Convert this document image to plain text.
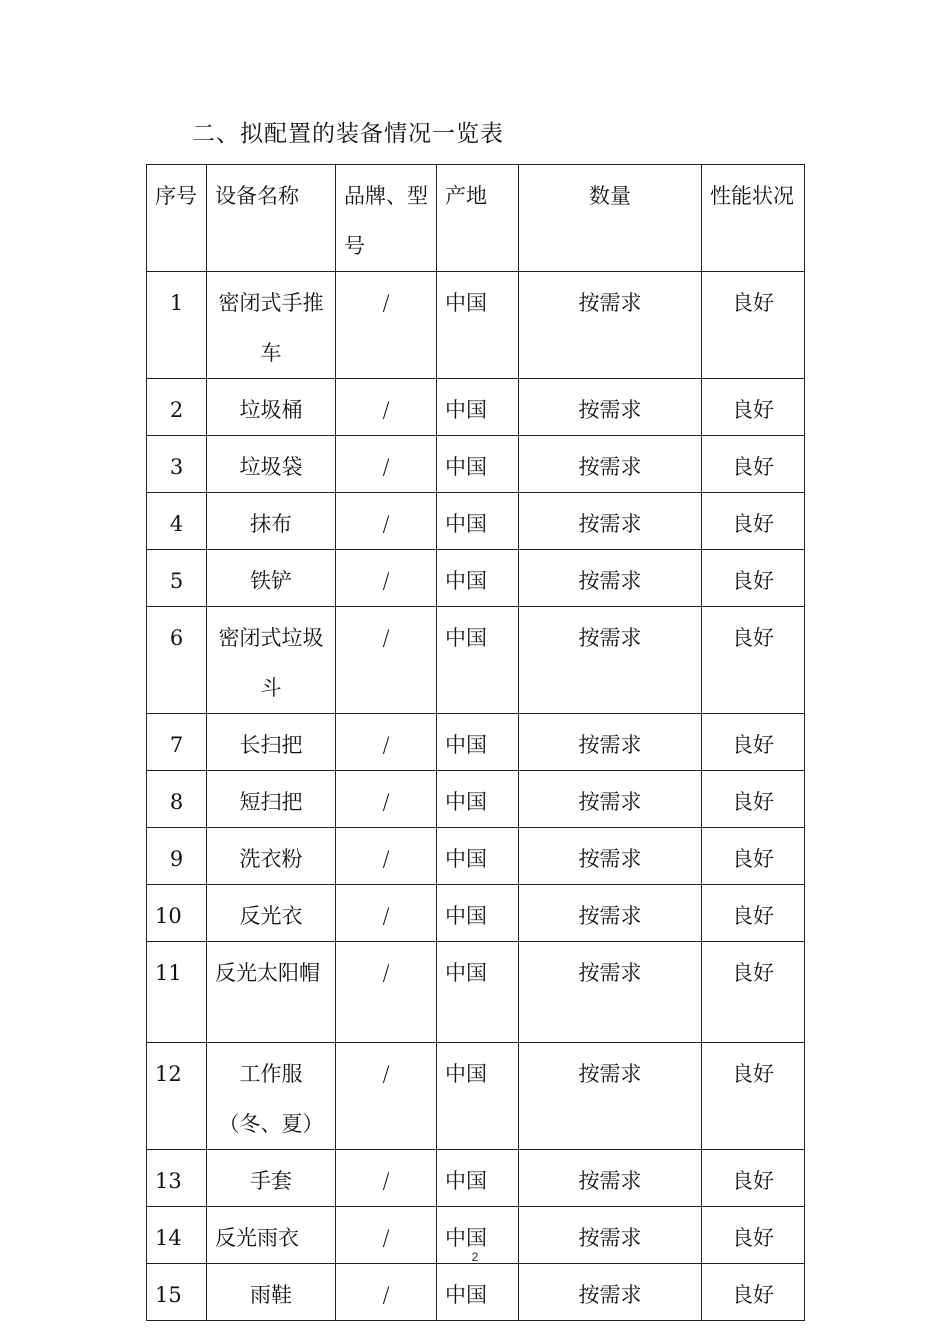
二、拟配置的装备情况一览表
序号	设备名称	品牌、型号	产地	数量	性能状况
1	密闭式手推车	/	中国	按需求	良好
2	垃圾桶	/	中国	按需求	良好
3	垃圾袋	/	中国	按需求	良好
4	抹布	/	中国	按需求	良好
5	铁铲	/	中国	按需求	良好
6	密闭式垃圾斗	/	中国	按需求	良好
7	长扫把	/	中国	按需求	良好
8	短扫把	/	中国	按需求	良好
9	洗衣粉	/	中国	按需求	良好
10	反光衣	/	中国	按需求	良好
11	反光太阳帽	/	中国	按需求	良好
12	工作服（冬、夏）	/	中国	按需求	良好
13	手套	/	中国	按需求	良好
14	反光雨衣	/	中国	按需求	良好
15	雨鞋	/	中国	按需求	良好
2
